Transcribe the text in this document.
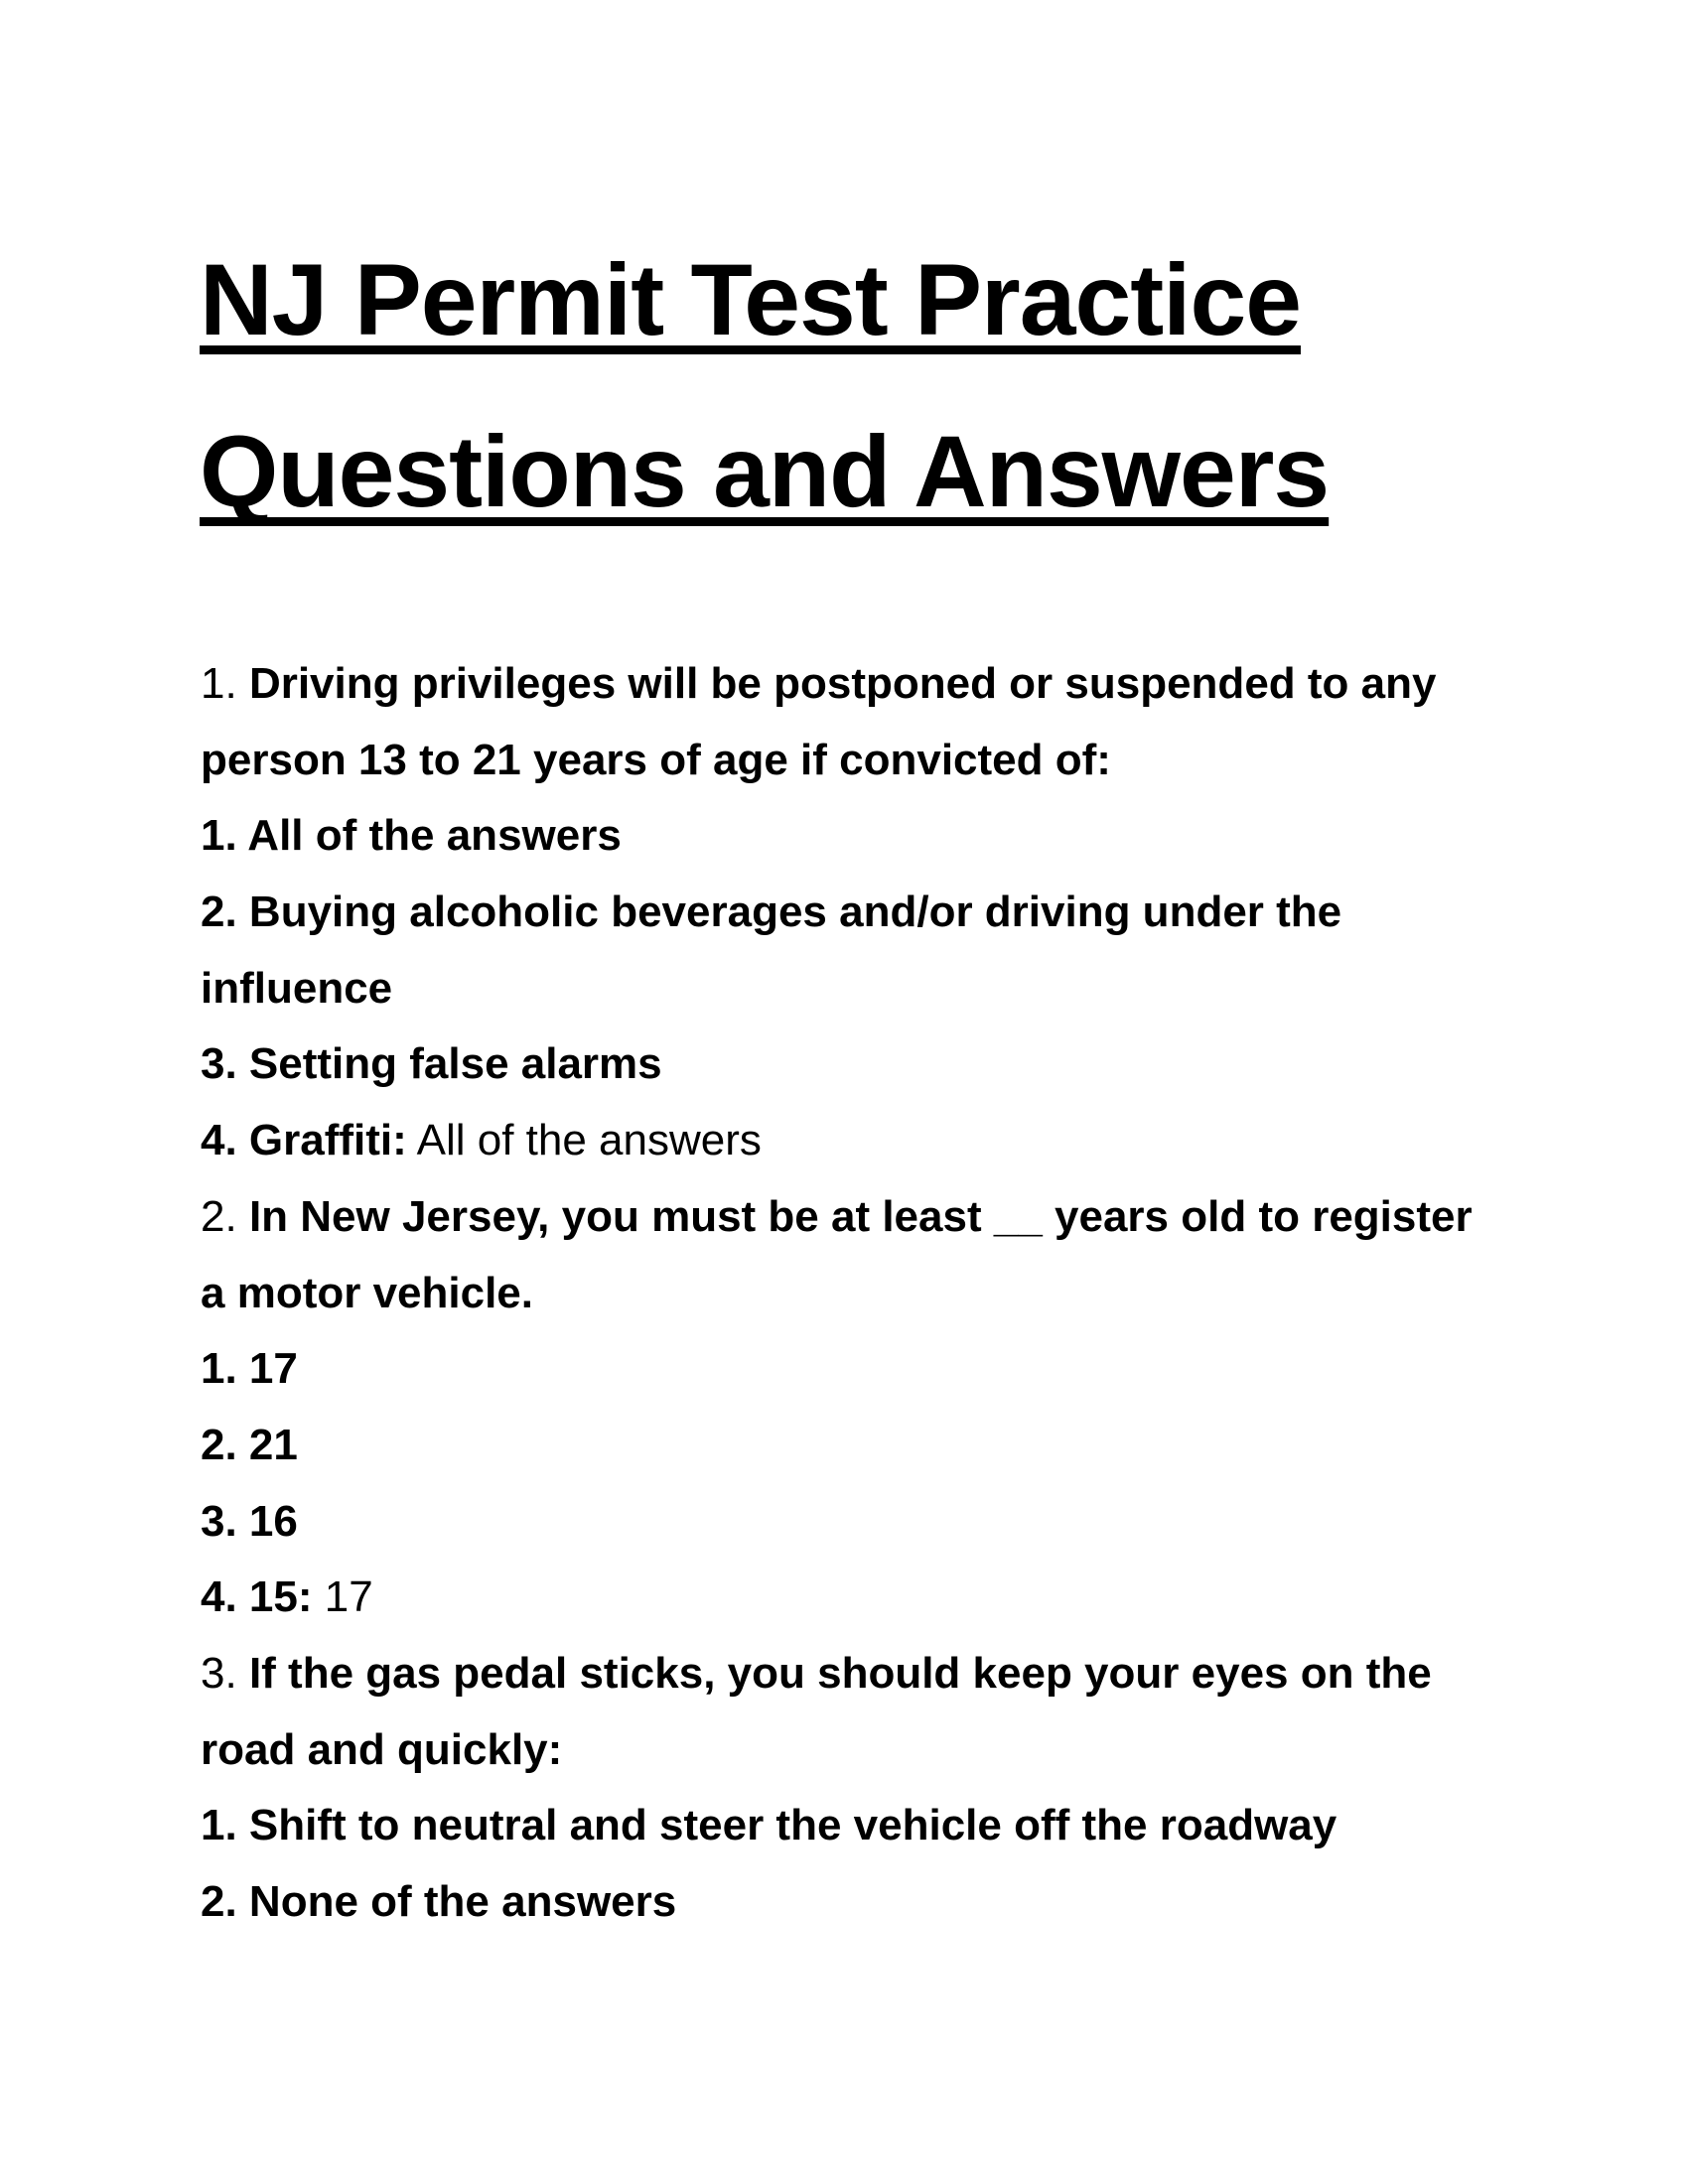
NJ Permit Test Practice
Questions and Answers
1. Driving privileges will be postponed or suspended to any
person 13 to 21 years of age if convicted of:
1. All of the answers
2. Buying alcoholic beverages and/or driving under the
influence
3. Setting false alarms
4. Graffiti: All of the answers
2. In New Jersey, you must be at least __ years old to register
a motor vehicle.
1. 17
2. 21
3. 16
4. 15: 17
3. If the gas pedal sticks, you should keep your eyes on the
road and quickly:
1. Shift to neutral and steer the vehicle off the roadway
2. None of the answers
